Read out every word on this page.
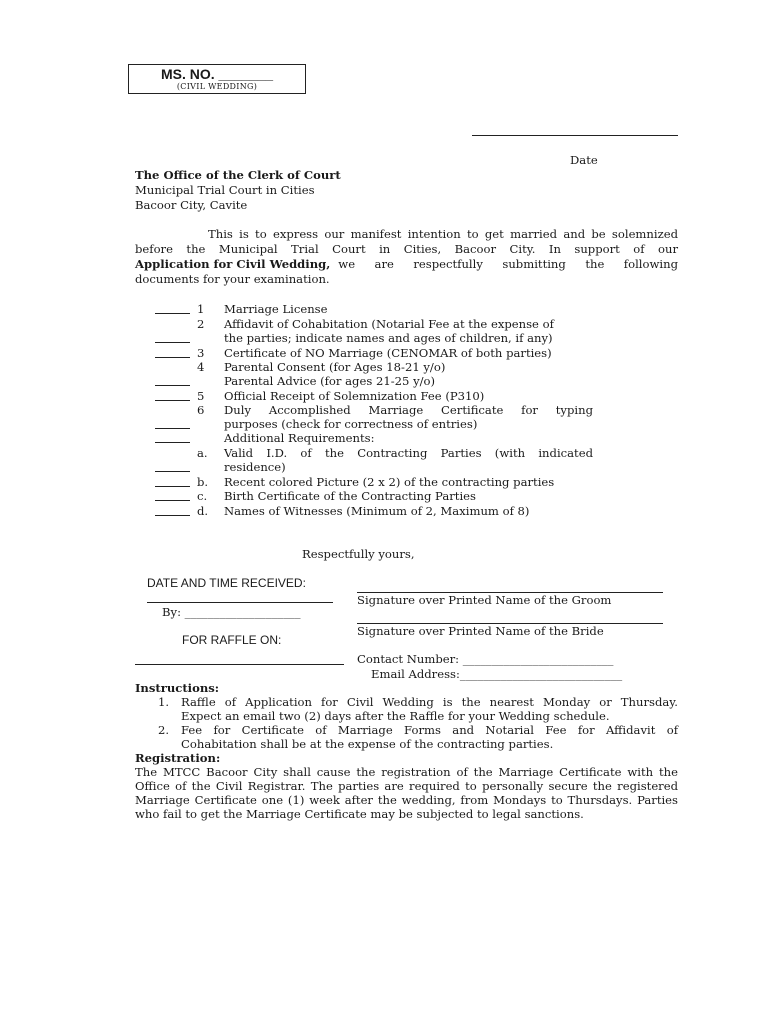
MS. NO. _______
(CIVIL WEDDING)
Date
The Office of the Clerk of Court
Municipal Trial Court in Cities
Bacoor City, Cavite
This is to express our manifest intention to get married and be solemnized
before the Municipal Trial Court in Cities, Bacoor City. In support of our
Application for Civil Wedding, we are respectfully submitting the following
documents for your examination.
1 Marriage License
2 Affidavit of Cohabitation (Notarial Fee at the expense of
the parties; indicate names and ages of children, if any)
3 Certificate of NO Marriage (CENOMAR of both parties)
4 Parental Consent (for Ages 18-21 y/o)
Parental Advice (for ages 21-25 y/o)
5 Official Receipt of Solemnization Fee (P310)
6 Duly Accomplished Marriage Certificate for typing
purposes (check for correctness of entries)
Additional Requirements:
a. Valid I.D. of the Contracting Parties (with indicated
residence)
b. Recent colored Picture (2 x 2) of the contracting parties
c. Birth Certificate of the Contracting Parties
d. Names of Witnesses (Minimum of 2, Maximum of 8)
Respectfully yours,
DATE AND TIME RECEIVED:
Signature over Printed Name of the Groom
By: ____________________
Signature over Printed Name of the Bride
FOR RAFFLE ON:
Contact Number: __________________________
Email Address:____________________________
Instructions:
1. Raffle of Application for Civil Wedding is the nearest Monday or Thursday.
Expect an email two (2) days after the Raffle for your Wedding schedule.
2. Fee for Certificate of Marriage Forms and Notarial Fee for Affidavit of
Cohabitation shall be at the expense of the contracting parties.
Registration:
The MTCC Bacoor City shall cause the registration of the Marriage Certificate with the
Office of the Civil Registrar. The parties are required to personally secure the registered
Marriage Certificate one (1) week after the wedding, from Mondays to Thursdays. Parties
who fail to get the Marriage Certificate may be subjected to legal sanctions.
